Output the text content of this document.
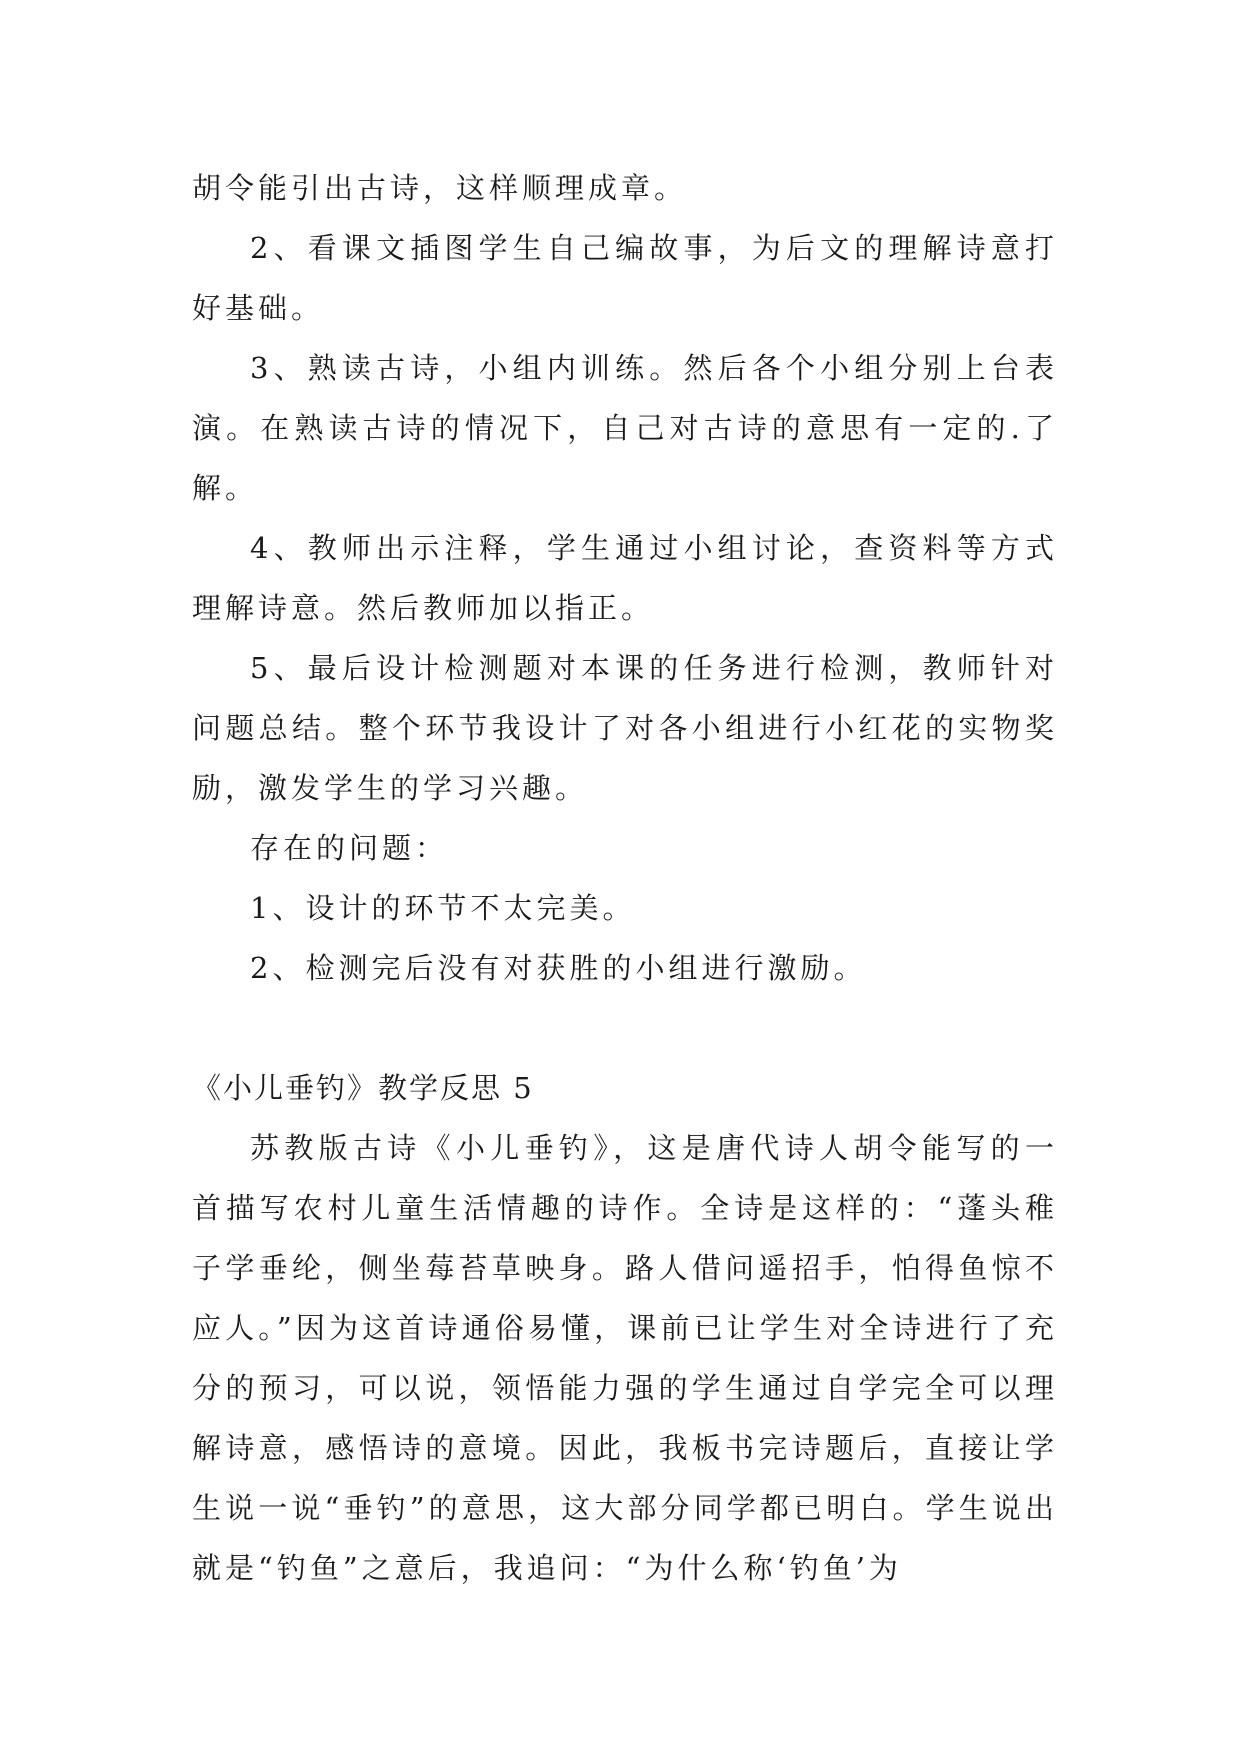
胡令能引出古诗，这样顺理成章。

2、看课文插图学生自己编故事，为后文的理解诗意打好基础。

3、熟读古诗，小组内训练。然后各个小组分别上台表演。在熟读古诗的情况下，自己对古诗的意思有一定的.了解。

4、教师出示注释，学生通过小组讨论，查资料等方式理解诗意。然后教师加以指正。

5、最后设计检测题对本课的任务进行检测，教师针对问题总结。整个环节我设计了对各小组进行小红花的实物奖励，激发学生的学习兴趣。

存在的问题：

1、设计的环节不太完美。

2、检测完后没有对获胜的小组进行激励。

《小儿垂钓》教学反思 5

苏教版古诗《小儿垂钓》，这是唐代诗人胡令能写的一首描写农村儿童生活情趣的诗作。全诗是这样的：“蓬头稚子学垂纶，侧坐莓苔草映身。路人借问遥招手，怕得鱼惊不应人。”因为这首诗通俗易懂，课前已让学生对全诗进行了充分的预习，可以说，领悟能力强的学生通过自学完全可以理解诗意，感悟诗的意境。因此，我板书完诗题后，直接让学生说一说“垂钓”的意思，这大部分同学都已明白。学生说出就是“钓鱼”之意后，我追问：“为什么称‘钓鱼’为
